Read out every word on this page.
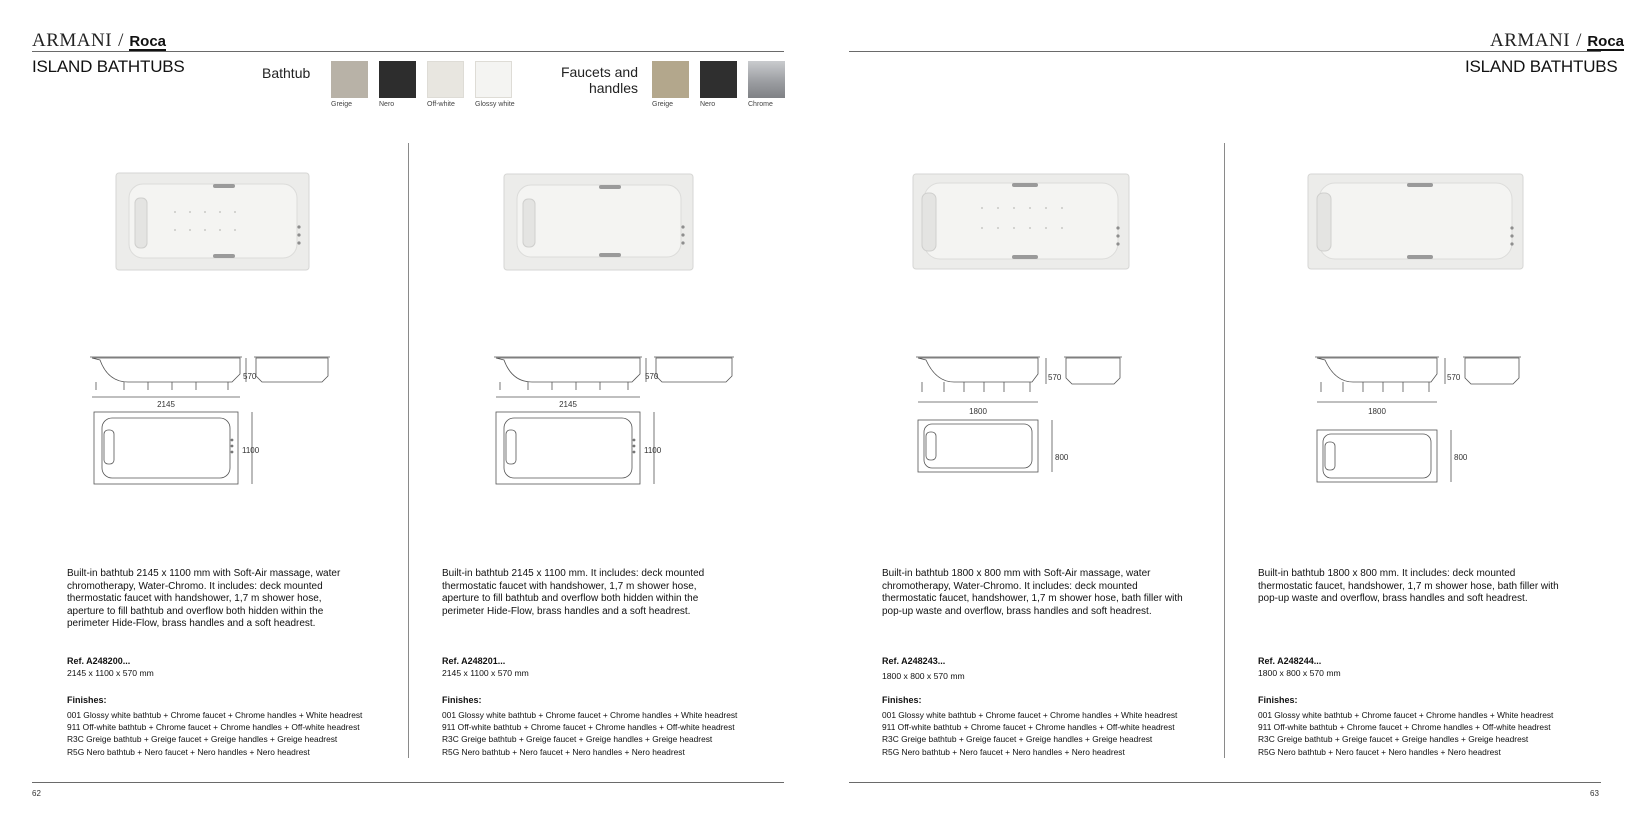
ARMANI / Roca
ISLAND BATHTUBS	Bathtub
Greige	Nero	Off-white	Glossy white
Faucets and
handles
Greige	Nero	Chrome
ARMANI / Roca
ISLAND BATHTUBS
2145
570
1100
2145
570
1100
1800
570
800
1800
570
800
Built-in bathtub 2145 x 1100 mm with Soft-Air massage, water chromotherapy, Water-Chromo. It includes: deck mounted thermostatic faucet with handshower, 1,7 m shower hose, aperture to fill bathtub and overflow both hidden within the perimeter Hide-Flow, brass handles and a soft headrest.
Ref. A248200...
2145 x 1100 x 570 mm
Finishes:
001 Glossy white bathtub + Chrome faucet + Chrome handles + White headrest
911 Off-white bathtub + Chrome faucet + Chrome handles + Off-white headrest
R3C Greige bathtub + Greige faucet + Greige handles + Greige headrest
R5G Nero bathtub + Nero faucet + Nero handles + Nero headrest
Built-in bathtub 2145 x 1100 mm. It includes: deck mounted thermostatic faucet with handshower, 1,7 m shower hose, aperture to fill bathtub and overflow both hidden within the perimeter Hide-Flow, brass handles and a soft headrest.
Ref. A248201...
2145 x 1100 x 570 mm
Finishes:
001 Glossy white bathtub + Chrome faucet + Chrome handles + White headrest
911 Off-white bathtub + Chrome faucet + Chrome handles + Off-white headrest
R3C Greige bathtub + Greige faucet + Greige handles + Greige headrest
R5G Nero bathtub + Nero faucet + Nero handles + Nero headrest
Built-in bathtub 1800 x 800 mm with Soft-Air massage, water chromotherapy, Water-Chromo. It includes: deck mounted thermostatic faucet, handshower, 1,7 m shower hose, bath filler with pop-up waste and overflow, brass handles and soft headrest.
Ref. A248243...
1800 x 800 x 570 mm
Finishes:
001 Glossy white bathtub + Chrome faucet + Chrome handles + White headrest
911 Off-white bathtub + Chrome faucet + Chrome handles + Off-white headrest
R3C Greige bathtub + Greige faucet + Greige handles + Greige headrest
R5G Nero bathtub + Nero faucet + Nero handles + Nero headrest
Built-in bathtub 1800 x 800 mm. It includes: deck mounted thermostatic faucet, handshower, 1,7 m shower hose, bath filler with pop-up waste and overflow, brass handles and soft headrest.
Ref. A248244...
1800 x 800 x 570 mm
Finishes:
001 Glossy white bathtub + Chrome faucet + Chrome handles + White headrest
911 Off-white bathtub + Chrome faucet + Chrome handles + Off-white headrest
R3C Greige bathtub + Greige faucet + Greige handles + Greige headrest
R5G Nero bathtub + Nero faucet + Nero handles + Nero headrest
62	63
